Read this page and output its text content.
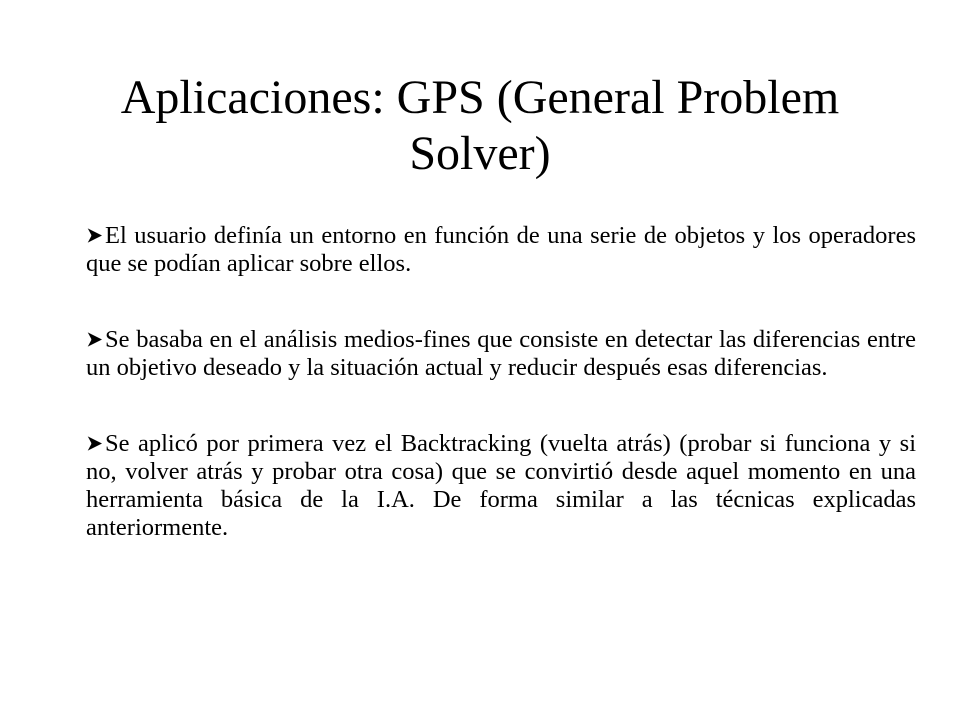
Aplicaciones: GPS (General Problem Solver)
El usuario definía un entorno en función de una serie de objetos y los operadores que se podían aplicar sobre ellos.
Se basaba en el análisis medios-fines que consiste en detectar las diferencias entre un objetivo deseado y la situación actual y reducir después esas diferencias.
Se aplicó por primera vez el Backtracking (vuelta atrás) (probar si funciona y si no, volver atrás y probar otra cosa) que se convirtió desde aquel momento en una herramienta básica de la I.A. De forma similar a las técnicas explicadas anteriormente.
